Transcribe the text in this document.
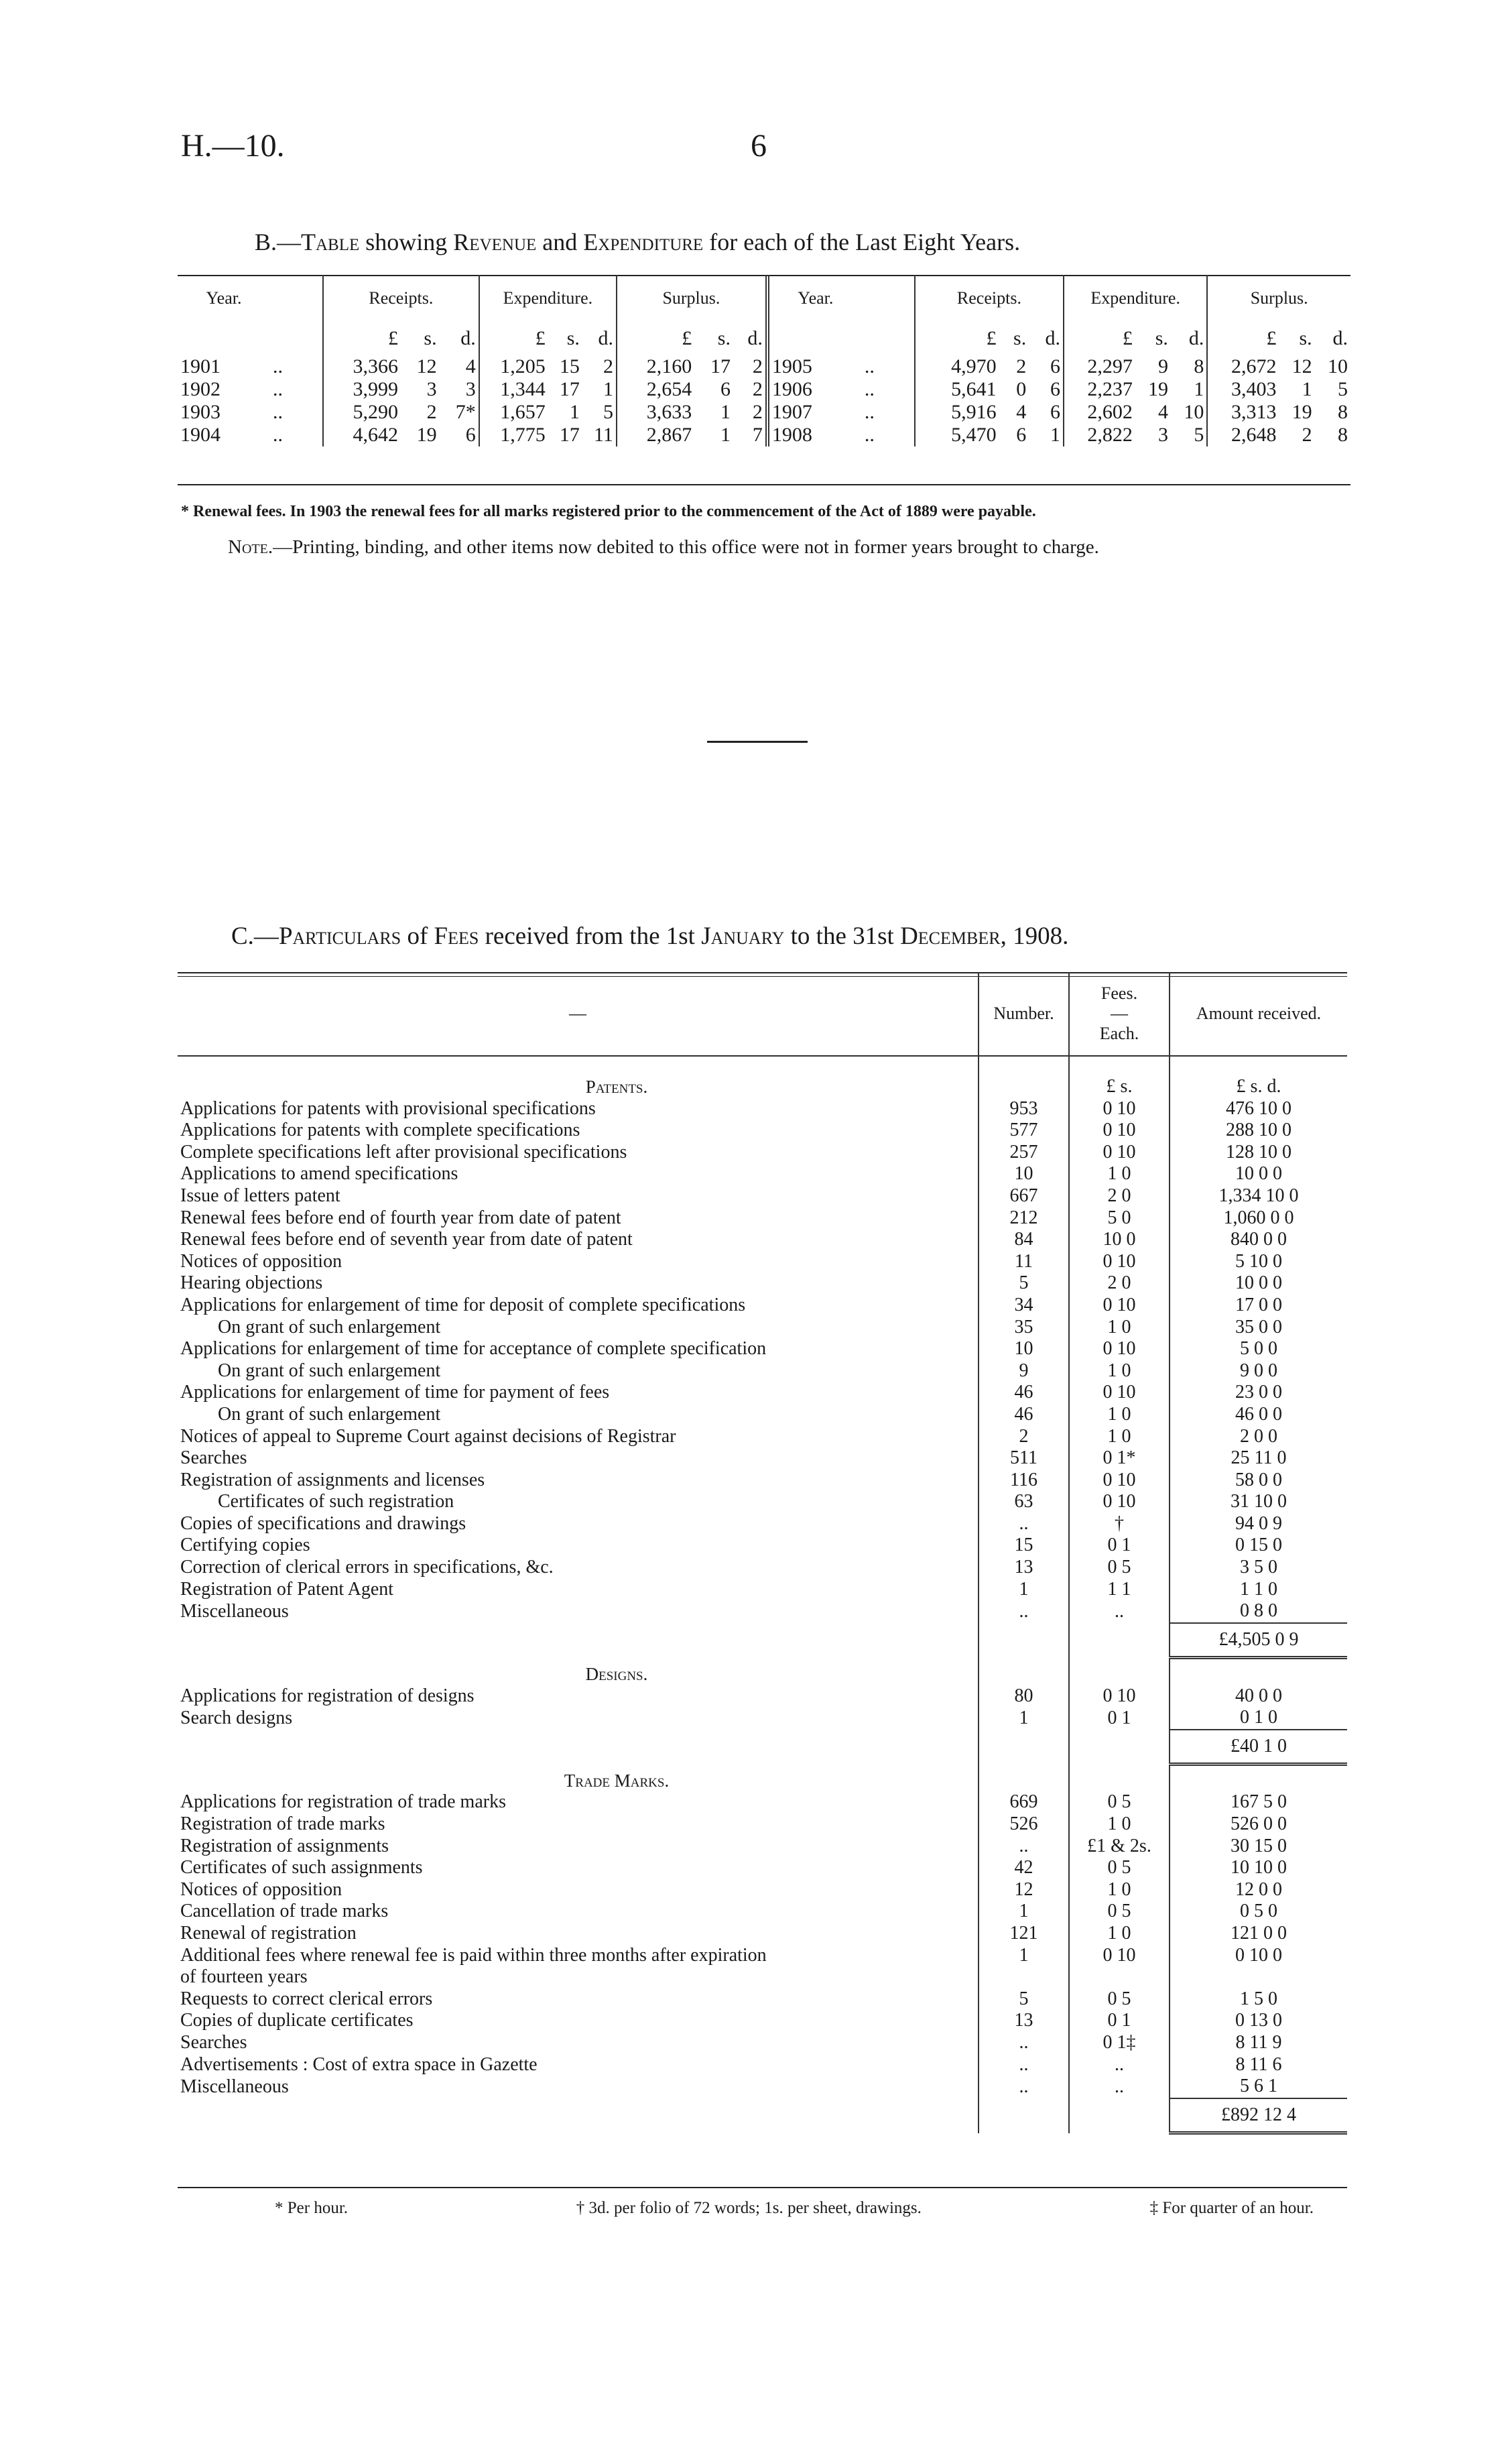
H.—10.	6
B.—Table showing Revenue and Expenditure for each of the Last Eight Years.
Year.		Receipts.			Expenditure.			Surplus.			Year.		Receipts.			Expenditure.			Surplus.		
		£	s.	d.	£	s.	d.	£	s.	d.			£	s.	d.	£	s.	d.	£	s.	d.
1901	..	3,366	12	4	1,205	15	2	2,160	17	2	1905	..	4,970	2	6	2,297	9	8	2,672	12	10
1902	..	3,999	3	3	1,344	17	1	2,654	6	2	1906	..	5,641	0	6	2,237	19	1	3,403	1	5
1903	..	5,290	2	7*	1,657	1	5	3,633	1	2	1907	..	5,916	4	6	2,602	4	10	3,313	19	8
1904	..	4,642	19	6	1,775	17	11	2,867	1	7	1908	..	5,470	6	1	2,822	3	5	2,648	2	8
* Renewal fees. In 1903 the renewal fees for all marks registered prior to the commencement of the Act of 1889 were payable.
Note.—Printing, binding, and other items now debited to this office were not in former years brought to charge.
C.—Particulars of Fees received from the 1st January to the 31st December, 1908.
—	Number.	Fees.
—
Each.	Amount received.

Patents.		£ s.	£ s. d.
Applications for patents with provisional specifications	953	0 10	476 10 0
Applications for patents with complete specifications	577	0 10	288 10 0
Complete specifications left after provisional specifications	257	0 10	128 10 0
Applications to amend specifications	10	1 0	10 0 0
Issue of letters patent	667	2 0	1,334 10 0
Renewal fees before end of fourth year from date of patent	212	5 0	1,060 0 0
Renewal fees before end of seventh year from date of patent	84	10 0	840 0 0
Notices of opposition	11	0 10	5 10 0
Hearing objections	5	2 0	10 0 0
Applications for enlargement of time for deposit of complete specifications	34	0 10	17 0 0
On grant of such enlargement	35	1 0	35 0 0
Applications for enlargement of time for acceptance of complete specification	10	0 10	5 0 0
On grant of such enlargement	9	1 0	9 0 0
Applications for enlargement of time for payment of fees	46	0 10	23 0 0
On grant of such enlargement	46	1 0	46 0 0
Notices of appeal to Supreme Court against decisions of Registrar	2	1 0	2 0 0
Searches	511	0 1*	25 11 0
Registration of assignments and licenses	116	0 10	58 0 0
Certificates of such registration	63	0 10	31 10 0
Copies of specifications and drawings	..	†	94 0 9
Certifying copies	15	0 1	0 15 0
Correction of clerical errors in specifications, &c.	13	0 5	3 5 0
Registration of Patent Agent	1	1 1	1 1 0
Miscellaneous	..	..	0 8 0
			£4,505 0 9

Designs.			
Applications for registration of designs	80	0 10	40 0 0
Search designs	1	0 1	0 1 0
			£40 1 0

Trade Marks.			
Applications for registration of trade marks	669	0 5	167 5 0
Registration of trade marks	526	1 0	526 0 0
Registration of assignments	..	£1 & 2s.	30 15 0
Certificates of such assignments	42	0 5	10 10 0
Notices of opposition	12	1 0	12 0 0
Cancellation of trade marks	1	0 5	0 5 0
Renewal of registration	121	1 0	121 0 0
Additional fees where renewal fee is paid within three months after expiration	1	0 10	0 10 0
of fourteen years			
Requests to correct clerical errors	5	0 5	1 5 0
Copies of duplicate certificates	13	0 1	0 13 0
Searches	..	0 1‡	8 11 9
Advertisements : Cost of extra space in Gazette	..	..	8 11 6
Miscellaneous	..	..	5 6 1
			£892 12 4
* Per hour.	† 3d. per folio of 72 words; 1s. per sheet, drawings.	‡ For quarter of an hour.
